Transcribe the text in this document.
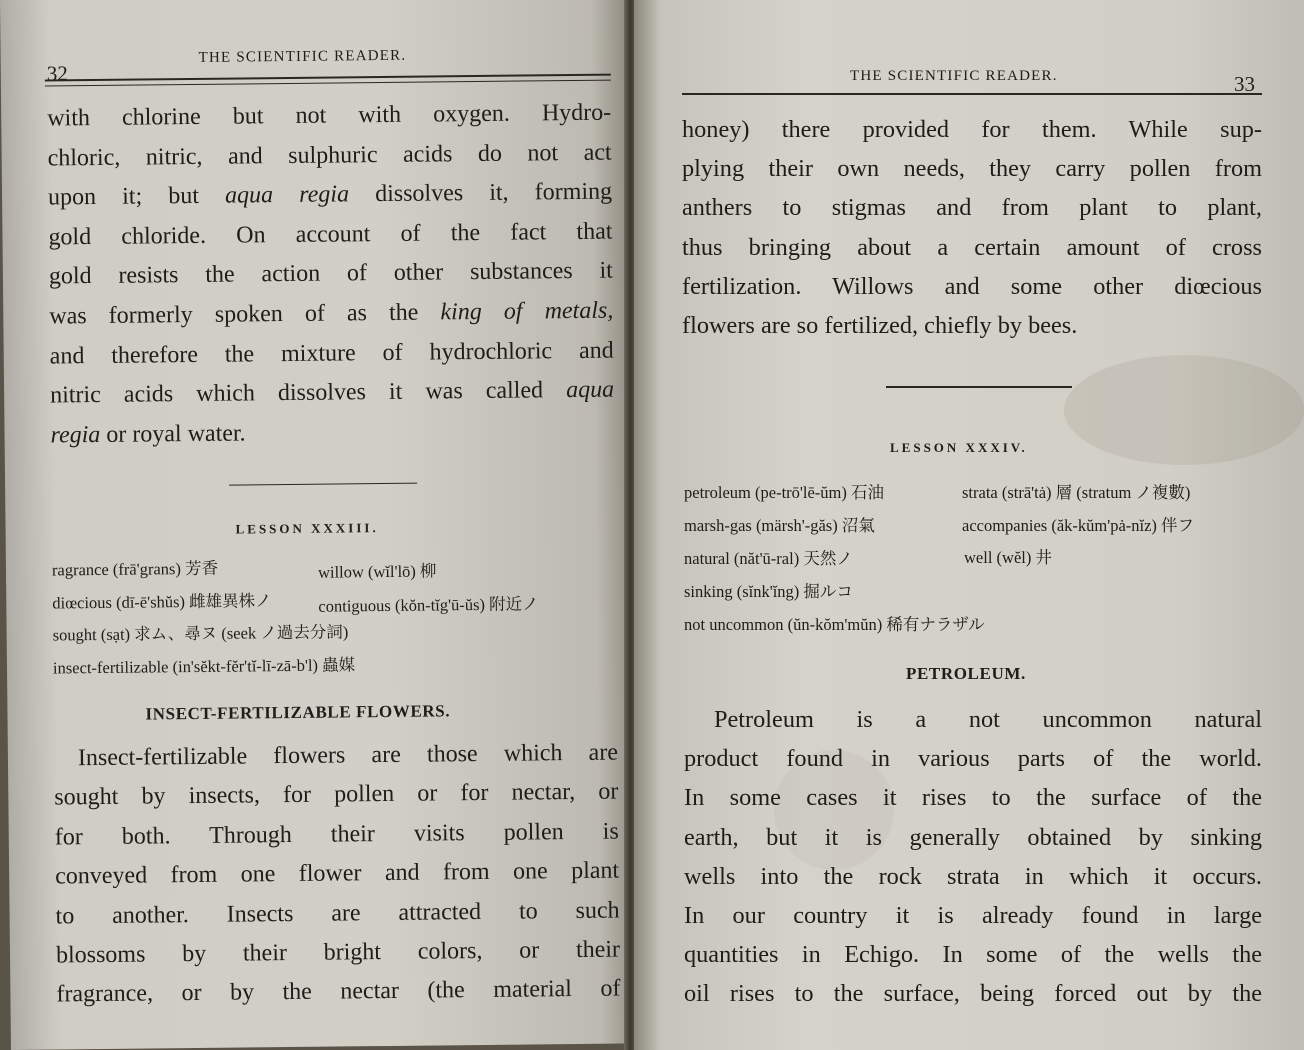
32
THE SCIENTIFIC READER.
with chlorine but not with oxygen. Hydro-
chloric, nitric, and sulphuric acids do not act
upon it; but aqua regia dissolves it, forming
gold chloride. On account of the fact that
gold resists the action of other substances it
was formerly spoken of as the king of metals,
and therefore the mixture of hydrochloric and
nitric acids which dissolves it was called aqua
regia or royal water.
LESSON XXXIII.
ragrance (frā'grans) 芳香	willow (wĭl'lō) 柳
diœcious (dī-ē'shŭs) 雌雄異株ノ	contiguous (kŏn-tĭg'ū-ŭs) 附近ノ
sought (sạt) 求ム、尋ヌ (seek ノ過去分詞)
insect-fertilizable (in'sĕkt-fĕr'tĭ-lī-zā-b'l) 蟲媒
INSECT-FERTILIZABLE FLOWERS.
Insect-fertilizable flowers are those which are
sought by insects, for pollen or for nectar, or
for both. Through their visits pollen is
conveyed from one flower and from one plant
to another. Insects are attracted to such
blossoms by their bright colors, or their
fragrance, or by the nectar (the material of
THE SCIENTIFIC READER.	33
honey) there provided for them. While sup-
plying their own needs, they carry pollen from
anthers to stigmas and from plant to plant,
thus bringing about a certain amount of cross
fertilization. Willows and some other diœcious
flowers are so fertilized, chiefly by bees.
LESSON XXXIV.
petroleum (pe-trō'lē-ŭm) 石油	strata (strā'tȧ) 層 (stratum ノ複數)
marsh-gas (märsh'-găs) 沼氣	accompanies (ăk-kŭm'pȧ-nĭz) 伴フ
natural (năt'ū-ral) 天然ノ	well (wĕl) 井
sinking (sĭnk'ĭng) 掘ルコ
not uncommon (ŭn-kŏm'mŭn) 稀有ナラザル
PETROLEUM.
Petroleum is a not uncommon natural
product found in various parts of the world.
In some cases it rises to the surface of the
earth, but it is generally obtained by sinking
wells into the rock strata in which it occurs.
In our country it is already found in large
quantities in Echigo. In some of the wells the
oil rises to the surface, being forced out by the
